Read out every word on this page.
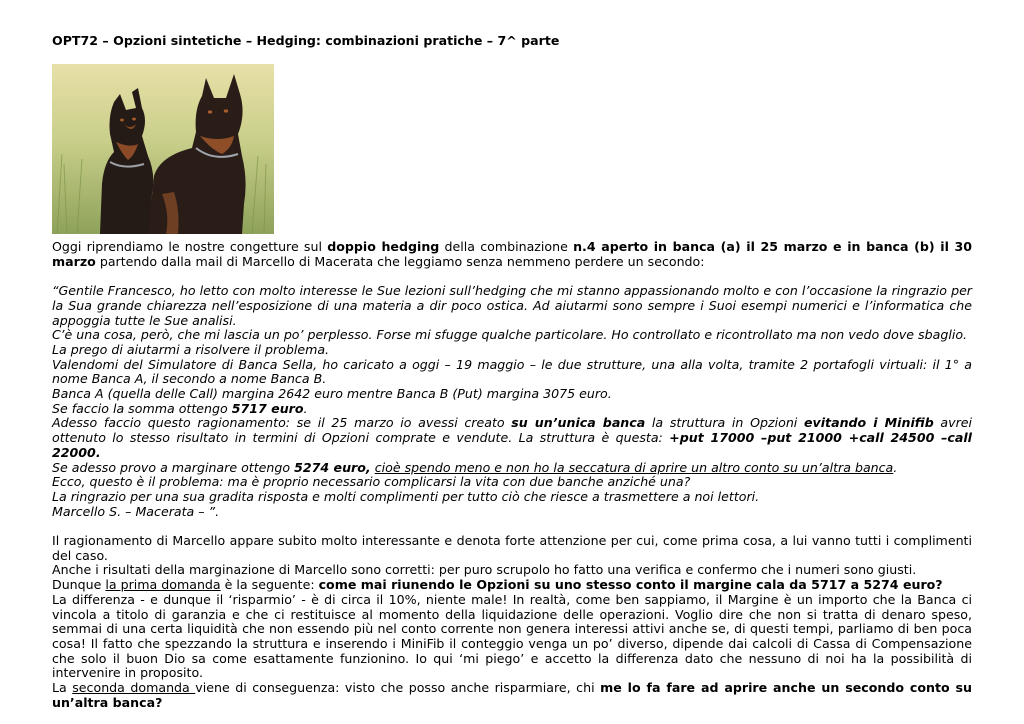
OPT72 – Opzioni sintetiche – Hedging: combinazioni pratiche – 7^ parte

Oggi riprendiamo le nostre congetture sul doppio hedging della combinazione n.4 aperto in banca (a) il 25 marzo e in banca (b) il 30 marzo partendo dalla mail di Marcello di Macerata che leggiamo senza nemmeno perdere un secondo:

“Gentile Francesco, ho letto con molto interesse le Sue lezioni sull’hedging che mi stanno appassionando molto e con l’occasione la ringrazio per la Sua grande chiarezza nell’esposizione di una materia a dir poco ostica. Ad aiutarmi sono sempre i Suoi esempi numerici e l’informatica che appoggia tutte le Sue analisi.

C’è una cosa, però, che mi lascia un po’ perplesso. Forse mi sfugge qualche particolare. Ho controllato e ricontrollato ma non vedo dove sbaglio.

La prego di aiutarmi a risolvere il problema.

Valendomi del Simulatore di Banca Sella, ho caricato a oggi – 19 maggio – le due strutture, una alla volta, tramite 2 portafogli virtuali: il 1° a nome Banca A, il secondo a nome Banca B.

Banca A (quella delle Call) margina 2642 euro mentre Banca B (Put) margina 3075 euro.

Se faccio la somma ottengo 5717 euro.

Adesso faccio questo ragionamento: se il 25 marzo io avessi creato su un’unica banca la struttura in Opzioni evitando i Minifib avrei ottenuto lo stesso risultato in termini di Opzioni comprate e vendute. La struttura è questa: +put 17000 –put 21000 +call 24500 –call 22000.

Se adesso provo a marginare ottengo 5274 euro, cioè spendo meno e non ho la seccatura di aprire un altro conto su un’altra banca.

Ecco, questo è il problema: ma è proprio necessario complicarsi la vita con due banche anziché una?

La ringrazio per una sua gradita risposta e molti complimenti per tutto ciò che riesce a trasmettere a noi lettori.

Marcello S. – Macerata – ”.

Il ragionamento di Marcello appare subito molto interessante e denota forte attenzione per cui, come prima cosa, a lui vanno tutti i complimenti del caso.

Anche i risultati della marginazione di Marcello sono corretti: per puro scrupolo ho fatto una verifica e confermo che i numeri sono giusti.

Dunque la prima domanda è la seguente: come mai riunendo le Opzioni su uno stesso conto il margine cala da 5717 a 5274 euro?

La differenza - e dunque il ‘risparmio’ - è di circa il 10%, niente male! In realtà, come ben sappiamo, il Margine è un importo che la Banca ci vincola a titolo di garanzia e che ci restituisce al momento della liquidazione delle operazioni. Voglio dire che non si tratta di denaro speso, semmai di una certa liquidità che non essendo più nel conto corrente non genera interessi attivi anche se, di questi tempi, parliamo di ben poca cosa! Il fatto che spezzando la struttura e inserendo i MiniFib il conteggio venga un po’ diverso, dipende dai calcoli di Cassa di Compensazione che solo il buon Dio sa come esattamente funzionino. Io qui ‘mi piego’ e accetto la differenza dato che nessuno di noi ha la possibilità di intervenire in proposito.

La seconda domanda viene di conseguenza: visto che posso anche risparmiare, chi me lo fa fare ad aprire anche un secondo conto su un’altra banca?
